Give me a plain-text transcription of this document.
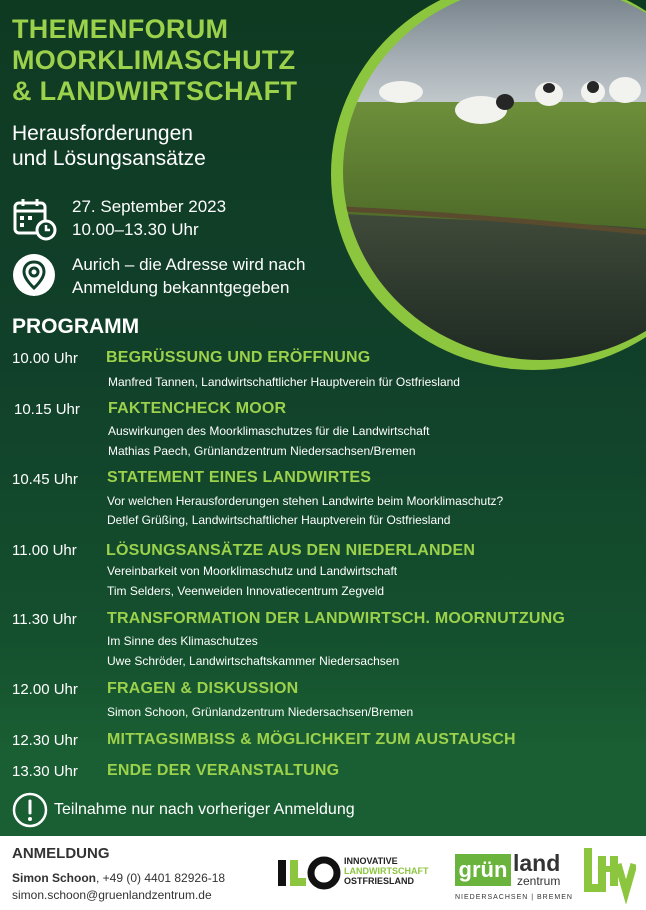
THEMENFORUM
MOORKLIMASCHUTZ
& LANDWIRTSCHAFT
Herausforderungen
und Lösungsansätze
27. September 2023
10.00–13.30 Uhr
Aurich – die Adresse wird nach
Anmeldung bekanntgegeben
PROGRAMM
10.00 Uhr BEGRÜSSUNG UND ERÖFFNUNG
Manfred Tannen, Landwirtschaftlicher Hauptverein für Ostfriesland
10.15 Uhr FAKTENCHECK MOOR
Auswirkungen des Moorklimaschutzes für die Landwirtschaft
Mathias Paech, Grünlandzentrum Niedersachsen/Bremen
10.45 Uhr STATEMENT EINES LANDWIRTES
Vor welchen Herausforderungen stehen Landwirte beim Moorklimaschutz?
Detlef Grüßing, Landwirtschaftlicher Hauptverein für Ostfriesland
11.00 Uhr LÖSUNGSANSÄTZE AUS DEN NIEDERLANDEN
Vereinbarkeit von Moorklimaschutz und Landwirtschaft
Tim Selders, Veenweiden Innovatiecentrum Zegveld
11.30 Uhr TRANSFORMATION DER LANDWIRTSCH. MOORNUTZUNG
Im Sinne des Klimaschutzes
Uwe Schröder, Landwirtschaftskammer Niedersachsen
12.00 Uhr FRAGEN & DISKUSSION
Simon Schoon, Grünlandzentrum Niedersachsen/Bremen
12.30 Uhr MITTAGSIMBISS & MÖGLICHKEIT ZUM AUSTAUSCH
13.30 Uhr ENDE DER VERANSTALTUNG
Teilnahme nur nach vorheriger Anmeldung
ANMELDUNG
Simon Schoon, +49 (0) 4401 82926-18
simon.schoon@gruenlandzentrum.de
INNOVATIVE
LANDWIRTSCHAFT
OSTFRIESLAND	grün land
zentrum
NIEDERSACHSEN | BREMEN
